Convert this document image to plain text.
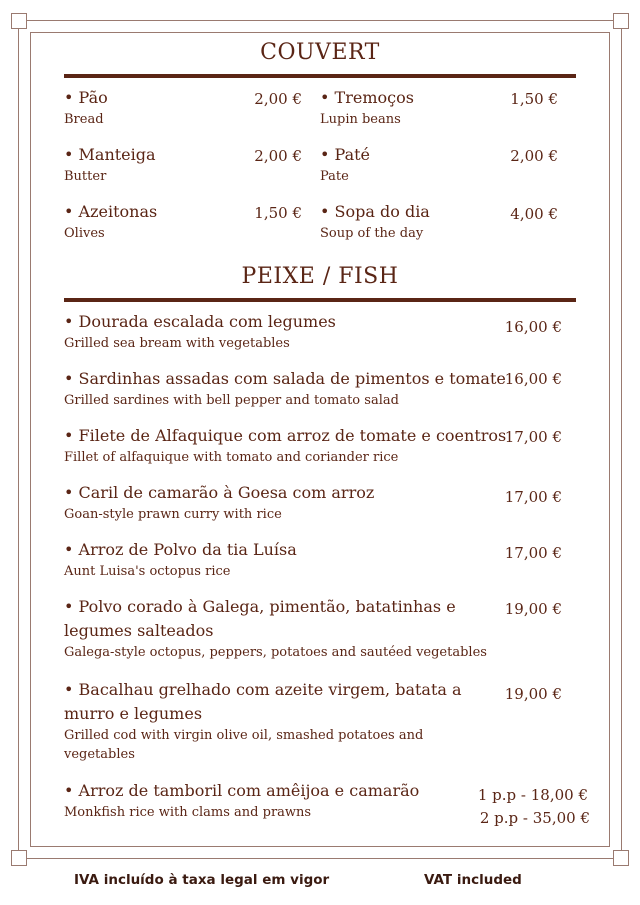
COUVERT
• Pão
Bread
2,00 € • Tremoços
Lupin beans
1,50 €
• Manteiga
Butter
2,00 € • Paté
Pate
2,00 €
• Azeitonas
Olives
1,50 € • Sopa do dia
Soup of the day
4,00 €
PEIXE / FISH
• Dourada escalada com legumes
Grilled sea bream with vegetables
16,00 €
• Sardinhas assadas com salada de pimentos e tomate
Grilled sardines with bell pepper and tomato salad
16,00 €
• Filete de Alfaquique com arroz de tomate e coentros
Fillet of alfaquique with tomato and coriander rice
17,00 €
• Caril de camarão à Goesa com arroz
Goan-style prawn curry with rice
17,00 €
• Arroz de Polvo da tia Luísa
Aunt Luisa's octopus rice
17,00 €
• Polvo corado à Galega, pimentão, batatinhas e
legumes salteados
Galega-style octopus, peppers, potatoes and sautéed vegetables
19,00 €
• Bacalhau grelhado com azeite virgem, batata a
murro e legumes
Grilled cod with virgin olive oil, smashed potatoes and
vegetables
19,00 €
• Arroz de tamboril com amêijoa e camarão
Monkfish rice with clams and prawns
1 p.p - 18,00 €
2 p.p - 35,00 €
IVA incluído à taxa legal em vigor	VAT included
